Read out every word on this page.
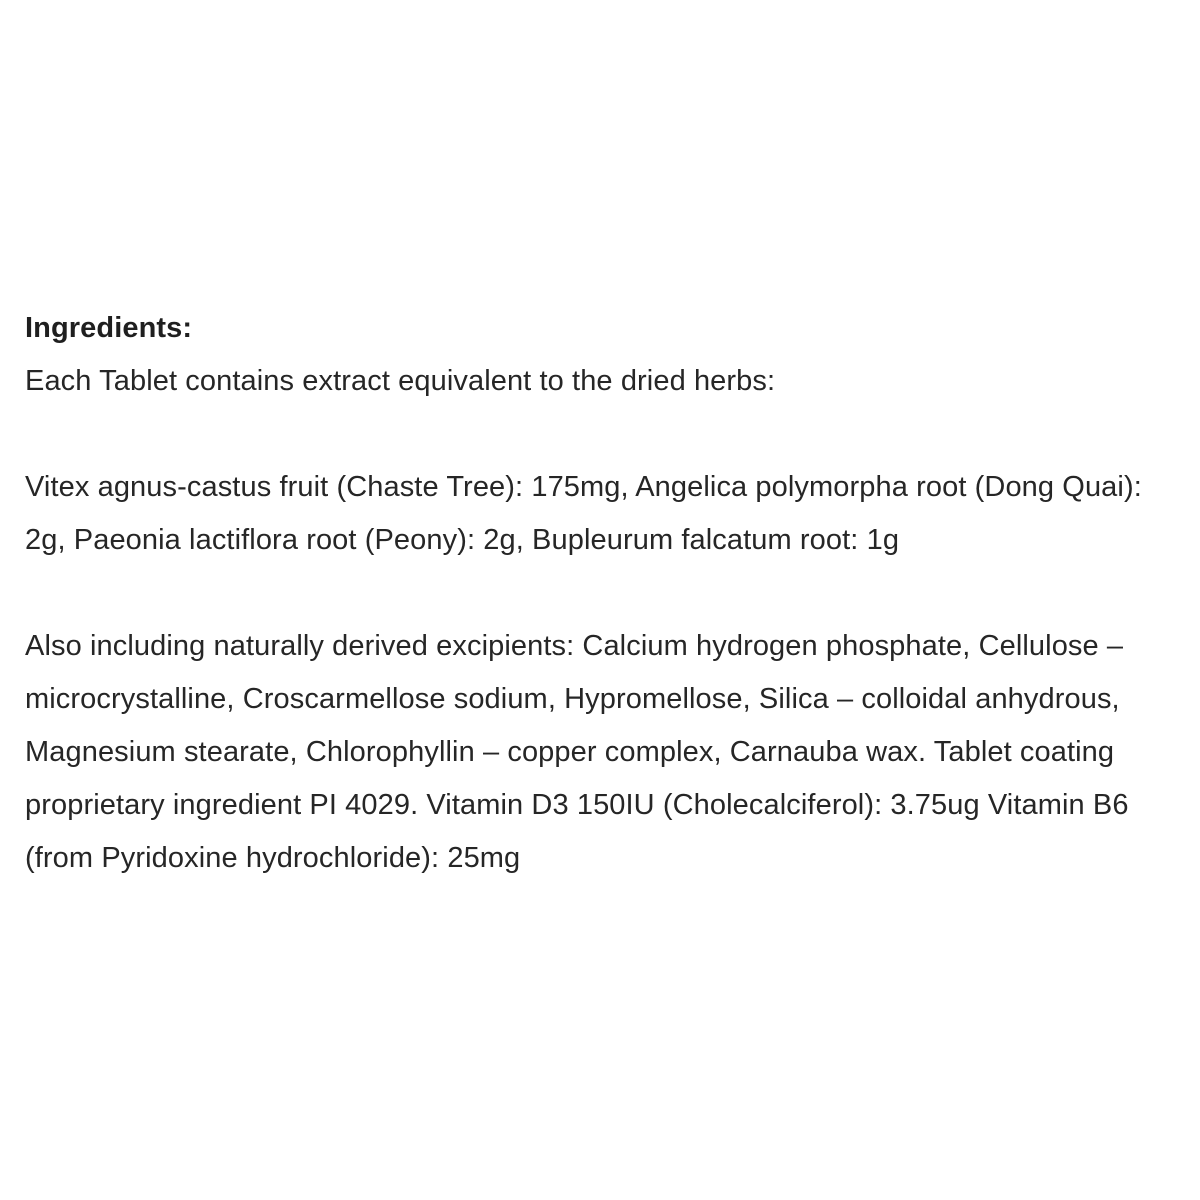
Ingredients:

Each Tablet contains extract equivalent to the dried herbs:

Vitex agnus-castus fruit (Chaste Tree): 175mg, Angelica polymorpha root (Dong Quai): 2g, Paeonia lactiflora root (Peony): 2g, Bupleurum falcatum root: 1g

Also including naturally derived excipients: Calcium hydrogen phosphate, Cellulose – microcrystalline, Croscarmellose sodium, Hypromellose, Silica – colloidal anhydrous, Magnesium stearate, Chlorophyllin – copper complex, Carnauba wax. Tablet coating proprietary ingredient PI 4029. Vitamin D3 150IU (Cholecalciferol): 3.75ug Vitamin B6 (from Pyridoxine hydrochloride): 25mg
